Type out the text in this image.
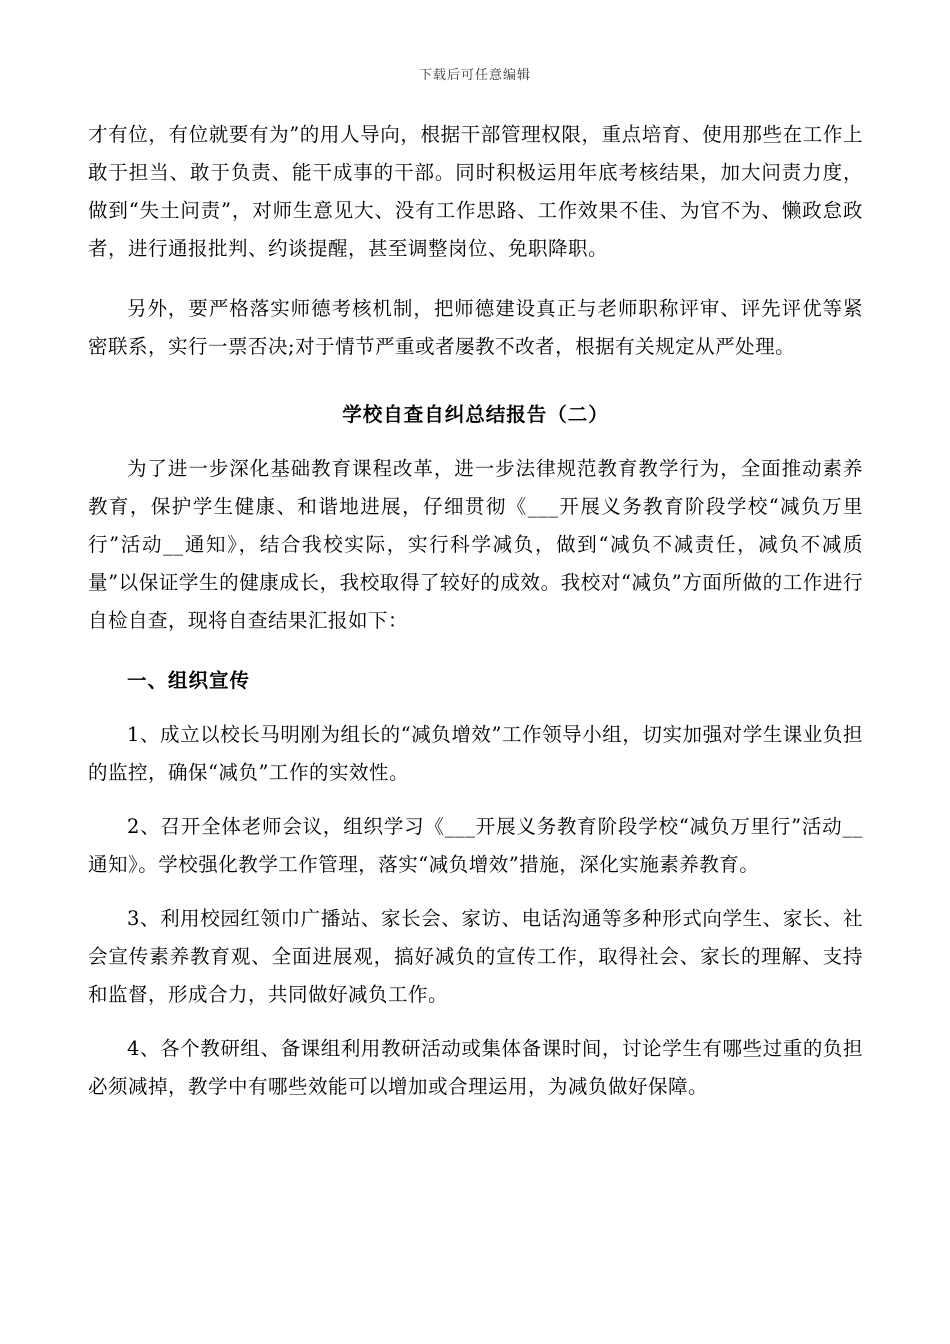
下载后可任意编辑

才有位，有位就要有为”的用人导向，根据干部管理权限，重点培育、使用那些在工作上敢于担当、敢于负责、能干成事的干部。同时积极运用年底考核结果，加大问责力度，做到“失土问责”，对师生意见大、没有工作思路、工作效果不佳、为官不为、懒政怠政者，进行通报批判、约谈提醒，甚至调整岗位、免职降职。

另外，要严格落实师德考核机制，把师德建设真正与老师职称评审、评先评优等紧密联系，实行一票否决;对于情节严重或者屡教不改者，根据有关规定从严处理。

学校自查自纠总结报告（二）

为了进一步深化基础教育课程改革，进一步法律规范教育教学行为，全面推动素养教育，保护学生健康、和谐地进展，仔细贯彻《___开展义务教育阶段学校“减负万里行”活动__通知》，结合我校实际，实行科学减负，做到“减负不减责任，减负不减质量”以保证学生的健康成长，我校取得了较好的成效。我校对“减负”方面所做的工作进行自检自查，现将自查结果汇报如下：

一、组织宣传

1、成立以校长马明刚为组长的“减负增效”工作领导小组，切实加强对学生课业负担的监控，确保“减负”工作的实效性。

2、召开全体老师会议，组织学习《___开展义务教育阶段学校“减负万里行”活动__通知》。学校强化教学工作管理，落实“减负增效”措施，深化实施素养教育。

3、利用校园红领巾广播站、家长会、家访、电话沟通等多种形式向学生、家长、社会宣传素养教育观、全面进展观，搞好减负的宣传工作，取得社会、家长的理解、支持和监督，形成合力，共同做好减负工作。

4、各个教研组、备课组利用教研活动或集体备课时间，讨论学生有哪些过重的负担必须减掉，教学中有哪些效能可以增加或合理运用，为减负做好保障。
